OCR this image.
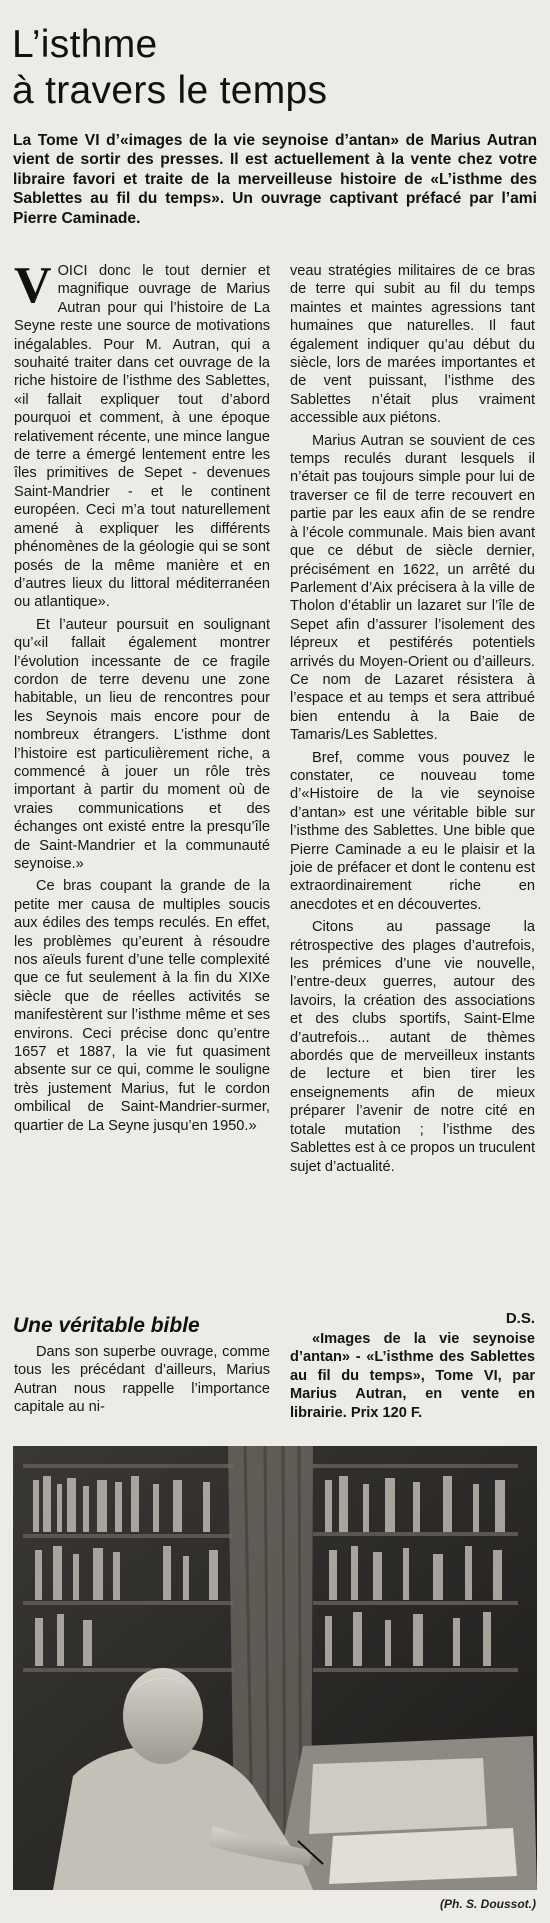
L’isthme
à travers le temps
La Tome VI d’«images de la vie seynoise d’antan» de Marius Autran vient de sortir des presses. Il est actuellement à la vente chez votre libraire favori et traite de la merveilleuse histoire de «L’isthme des Sablettes au fil du temps». Un ouvrage captivant préfacé par l’ami Pierre Caminade.

VOICI donc le tout dernier et magnifique ouvrage de Marius Autran pour qui l’histoire de La Seyne reste une source de motivations inégalables. Pour M. Autran, qui a souhaité traiter dans cet ouvrage de la riche histoire de l’isthme des Sablettes, «il fallait expliquer tout d’abord pourquoi et comment, à une époque relativement récente, une mince langue de terre a émergé lentement entre les îles primitives de Sepet - devenues Saint-Mandrier - et le continent européen. Ceci m’a tout naturellement amené à expliquer les différents phénomènes de la géologie qui se sont posés de la même manière et en d’autres lieux du littoral méditerranéen ou atlantique».

Et l’auteur poursuit en soulignant qu’«il fallait également montrer l’évolution incessante de ce fragile cordon de terre devenu une zone habitable, un lieu de rencontres pour les Seynois mais encore pour de nombreux étrangers. L’isthme dont l’histoire est particulièrement riche, a commencé à jouer un rôle très important à partir du moment où de vraies communications et des échanges ont existé entre la presqu’île de Saint-Mandrier et la communauté seynoise.»

Ce bras coupant la grande de la petite mer causa de multiples soucis aux édiles des temps reculés. En effet, les problèmes qu’eurent à résoudre nos aïeuls furent d’une telle complexité que ce fut seulement à la fin du XIXe siècle que de réelles activités se manifestèrent sur l’isthme même et ses environs. Ceci précise donc qu’entre 1657 et 1887, la vie fut quasiment absente sur ce qui, comme le souligne très justement Marius, fut le cordon ombilical de Saint-Mandrier-surmer, quartier de La Seyne jusqu’en 1950.»

Une véritable bible

Dans son superbe ouvrage, comme tous les précédant d’ailleurs, Marius Autran nous rappelle l’importance capitale au ni-

veau stratégies militaires de ce bras de terre qui subit au fil du temps maintes et maintes agressions tant humaines que naturelles. Il faut également indiquer qu’au début du siècle, lors de marées importantes et de vent puissant, l’isthme des Sablettes n’était plus vraiment accessible aux piétons.

Marius Autran se souvient de ces temps reculés durant lesquels il n’était pas toujours simple pour lui de traverser ce fil de terre recouvert en partie par les eaux afin de se rendre à l’école communale. Mais bien avant que ce début de siècle dernier, précisément en 1622, un arrêté du Parlement d’Aix précisera à la ville de Tholon d’établir un lazaret sur l’île de Sepet afin d’assurer l’isolement des lépreux et pestiférés potentiels arrivés du Moyen-Orient ou d’ailleurs. Ce nom de Lazaret résistera à l’espace et au temps et sera attribué bien entendu à la Baie de Tamaris/Les Sablettes.

Bref, comme vous pouvez le constater, ce nouveau tome d’«Histoire de la vie seynoise d’antan» est une véritable bible sur l’isthme des Sablettes. Une bible que Pierre Caminade a eu le plaisir et la joie de préfacer et dont le contenu est extraordinairement riche en anecdotes et en découvertes.

Citons au passage la rétrospective des plages d’autrefois, les prémices d’une vie nouvelle, l’entre-deux guerres, autour des lavoirs, la création des associations et des clubs sportifs, Saint-Elme d’autrefois... autant de thèmes abordés que de merveilleux instants de lecture et bien tirer les enseignements afin de mieux préparer l’avenir de notre cité en totale mutation ; l’isthme des Sablettes est à ce propos un truculent sujet d’actualité.

D.S.

«Images de la vie seynoise d’antan» - «L’isthme des Sablettes au fil du temps», Tome VI, par Marius Autran, en vente en librairie. Prix 120 F.

(Ph. S. Doussot.)
